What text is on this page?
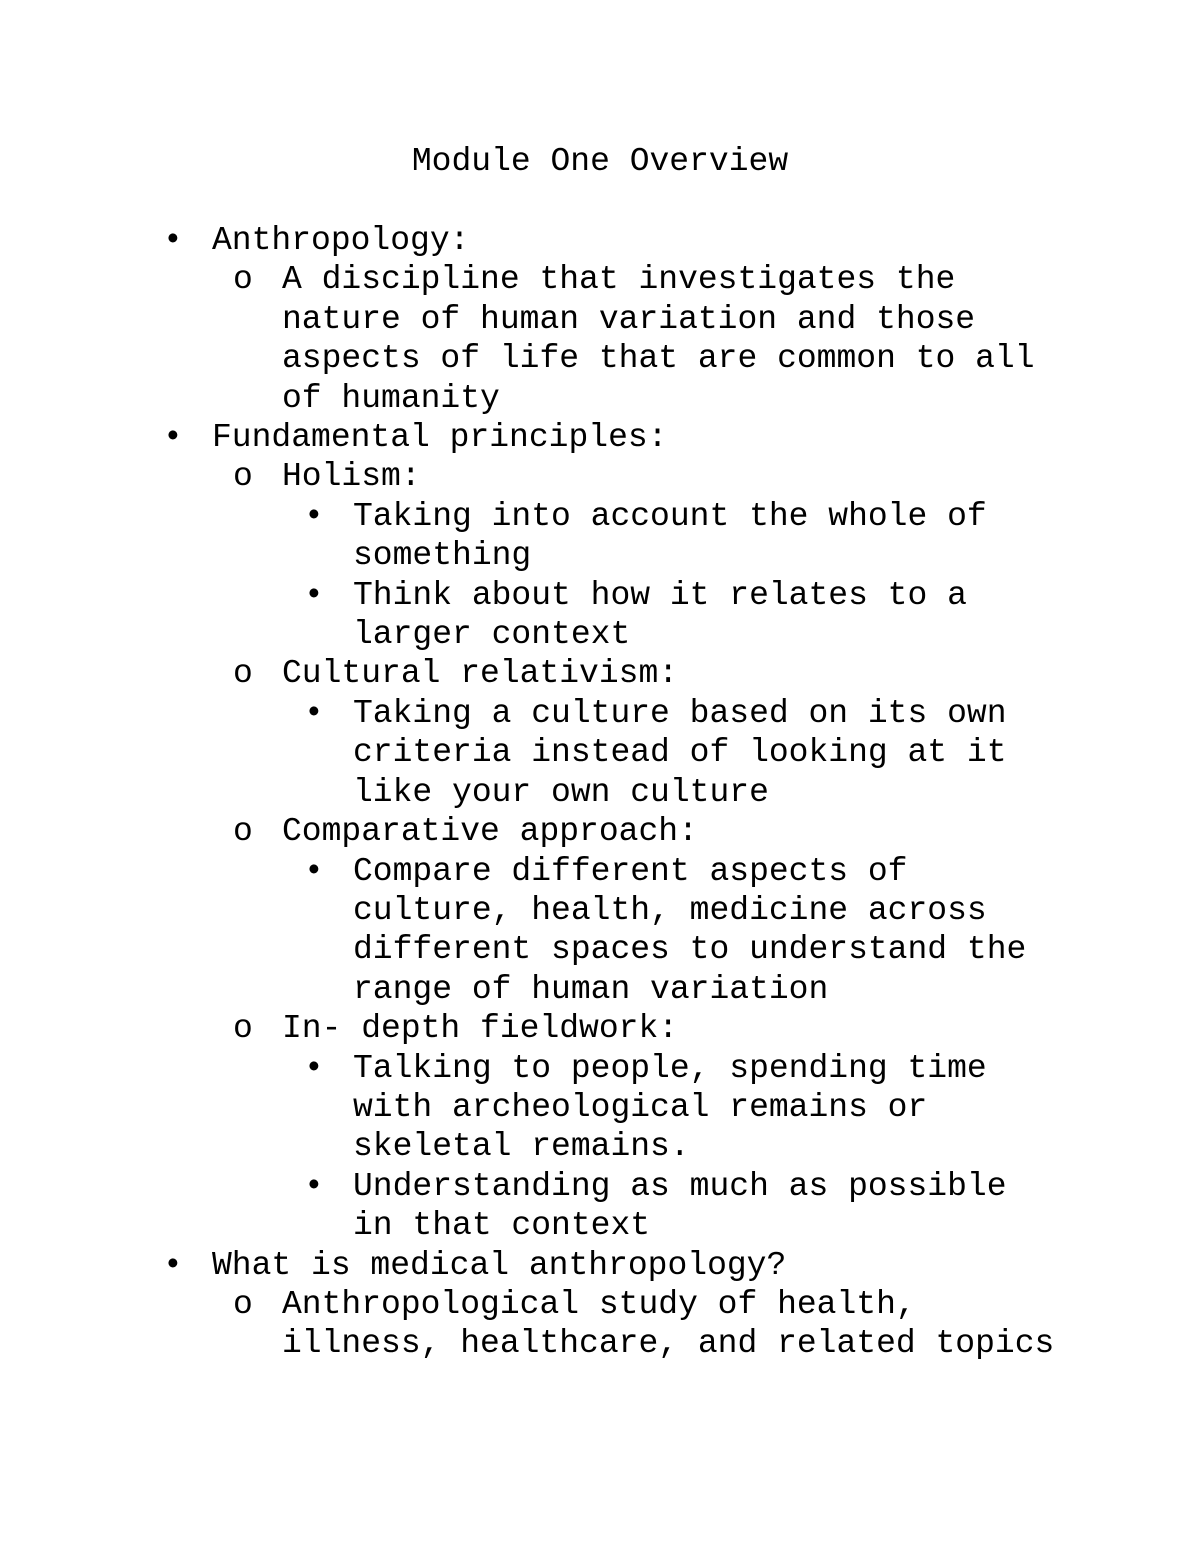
Module One Overview
•
Anthropology:
o A discipline that investigates the nature of human variation and those aspects of life that are common to all of humanity
•
Fundamental principles:
o Holism:
•
Taking into account the whole of something
•
Think about how it relates to a larger context
o Cultural relativism:
•
Taking a culture based on its own criteria instead of looking at it like your own culture
o Comparative approach:
•
Compare different aspects of culture, health, medicine across different spaces to understand the range of human variation
o In- depth fieldwork:
•
Talking to people, spending time with archeological remains or skeletal remains.
•
Understanding as much as possible in that context
•
What is medical anthropology?
o Anthropological study of health, illness, healthcare, and related topics
